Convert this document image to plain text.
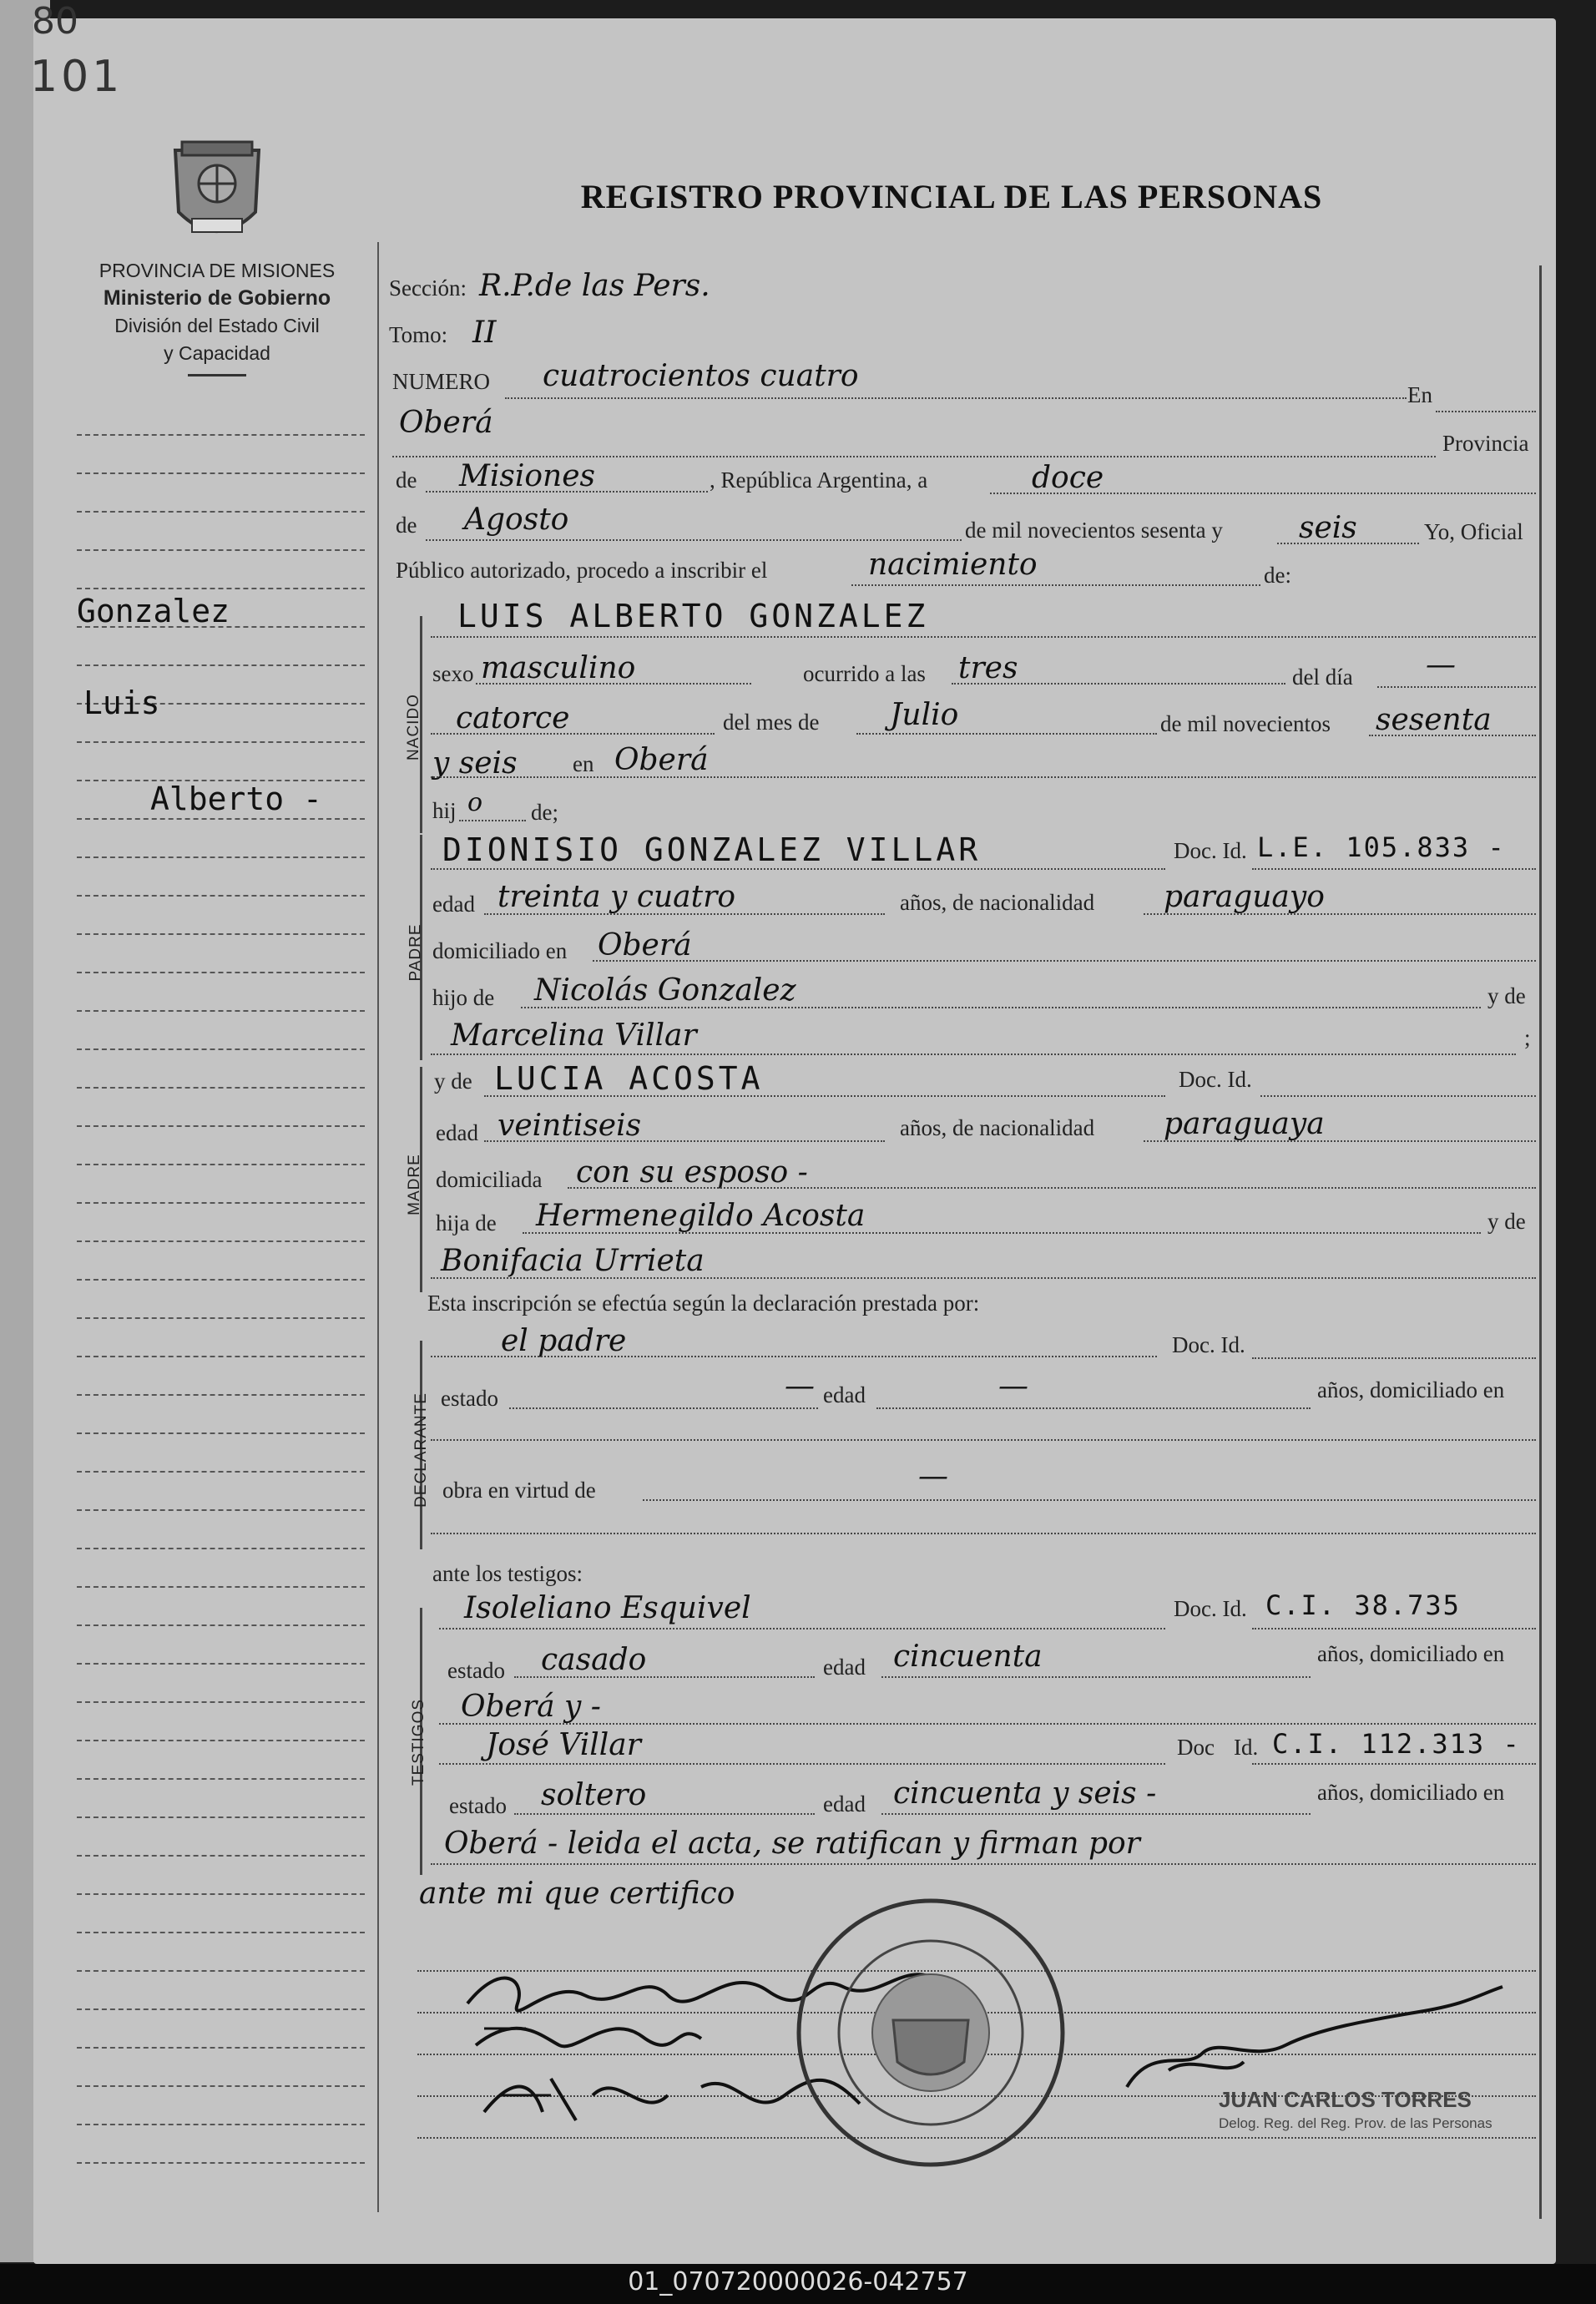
80
101
PROVINCIA DE MISIONES
Ministerio de Gobierno
División del Estado Civil
y Capacidad
REGISTRO PROVINCIAL DE LAS PERSONAS
Gonzalez
Luis
Alberto -
Sección: R.P.de las Pers.
Tomo: II
NUMERO cuatrocientos cuatro
En
Oberá
Provincia
de Misiones	, República Argentina, a	doce
de Agosto	de mil novecientos sesenta y	seis	Yo, Oficial
Público autorizado, procedo a inscribir el	nacimiento	de:
NACIDO
LUIS ALBERTO GONZALEZ
sexo masculino	ocurrido a las tres	del día —
catorce	del mes de Julio	de mil novecientos sesenta
y seis en Oberá
hij o de;
PADRE
DIONISIO GONZALEZ VILLAR	Doc. Id. L.E. 105.833 -
edad treinta y cuatro	años, de nacionalidad paraguayo
domiciliado en Oberá
hijo de Nicolás Gonzalez	y de
Marcelina Villar	;
MADRE
y de LUCIA ACOSTA	Doc. Id.
edad veintiseis	años, de nacionalidad paraguaya
domiciliada con su esposo -
hija de Hermenegildo Acosta	y de
Bonifacia Urrieta
Esta inscripción se efectúa según la declaración prestada por:
DECLARANTE
el padre	Doc. Id.
estado	— edad	—	años, domiciliado en
obra en virtud de	—
ante los testigos:
TESTIGOS
Isoleliano Esquivel	Doc. Id. C.I. 38.735
estado casado	edad cincuenta	años, domiciliado en
Oberá y -
José Villar	Doc Id. C.I. 112.313 -
estado soltero	edad cincuenta y seis -	años, domiciliado en
Oberá - leida el acta, se ratifican y firman por
ante mi que certifico
JUAN CARLOS TORRES
Delog. Reg. del Reg. Prov. de las Personas
01_070720000026-042757
